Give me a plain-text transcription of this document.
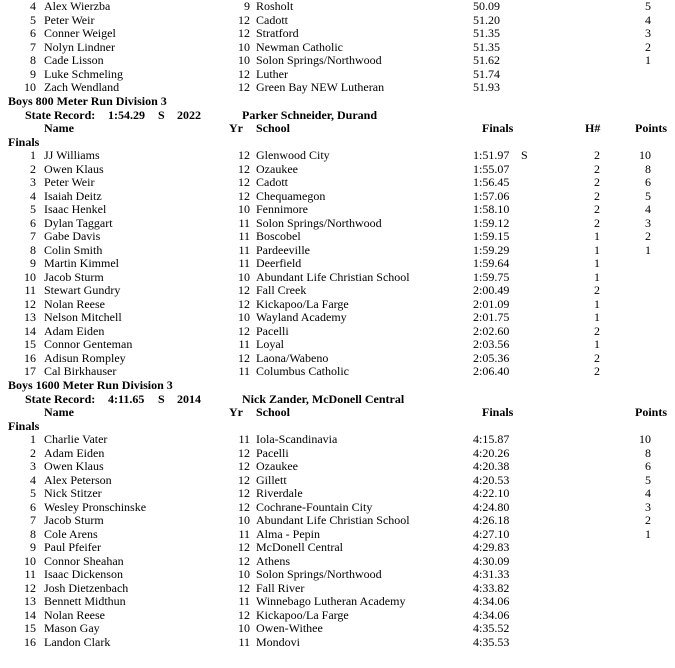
4 Alex Wierzba	9 Rosholt	50.09	5
5 Peter Weir	12 Cadott	51.20	4
6 Conner Weigel	12 Stratford	51.35	3
7 Nolyn Lindner	10 Newman Catholic	51.35	2
8 Cade Lisson	10 Solon Springs/Northwood	51.62	1
9 Luke Schmeling	12 Luther	51.74
10 Zach Wendland	12 Green Bay NEW Lutheran	51.93
Boys 800 Meter Run Division 3
State Record: 1:54.29 S 2022	Parker Schneider, Durand
Name	Yr School	Finals	H#	Points
Finals
1 JJ Williams	12 Glenwood City	1:51.97 S	2	10
2 Owen Klaus	12 Ozaukee	1:55.07	2	8
3 Peter Weir	12 Cadott	1:56.45	2	6
4 Isaiah Deitz	12 Chequamegon	1:57.06	2	5
5 Isaac Henkel	10 Fennimore	1:58.10	2	4
6 Dylan Taggart	11 Solon Springs/Northwood	1:59.12	2	3
7 Gabe Davis	11 Boscobel	1:59.15	1	2
8 Colin Smith	11 Pardeeville	1:59.29	1	1
9 Martin Kimmel	11 Deerfield	1:59.64	1
10 Jacob Sturm	10 Abundant Life Christian School	1:59.75	1
11 Stewart Gundry	12 Fall Creek	2:00.49	2
12 Nolan Reese	12 Kickapoo/La Farge	2:01.09	1
13 Nelson Mitchell	10 Wayland Academy	2:01.75	1
14 Adam Eiden	12 Pacelli	2:02.60	2
15 Connor Genteman	11 Loyal	2:03.56	1
16 Adisun Rompley	12 Laona/Wabeno	2:05.36	2
17 Cal Birkhauser	11 Columbus Catholic	2:06.40	2
Boys 1600 Meter Run Division 3
State Record: 4:11.65 S 2014	Nick Zander, McDonell Central
Name	Yr School	Finals	Points
Finals
1 Charlie Vater	11 Iola-Scandinavia	4:15.87	10
2 Adam Eiden	12 Pacelli	4:20.26	8
3 Owen Klaus	12 Ozaukee	4:20.38	6
4 Alex Peterson	12 Gillett	4:20.53	5
5 Nick Stitzer	12 Riverdale	4:22.10	4
6 Wesley Pronschinske	12 Cochrane-Fountain City	4:24.80	3
7 Jacob Sturm	10 Abundant Life Christian School	4:26.18	2
8 Cole Arens	11 Alma - Pepin	4:27.10	1
9 Paul Pfeifer	12 McDonell Central	4:29.83
10 Connor Sheahan	12 Athens	4:30.09
11 Isaac Dickenson	10 Solon Springs/Northwood	4:31.33
12 Josh Dietzenbach	12 Fall River	4:33.82
13 Bennett Midthun	11 Winnebago Lutheran Academy	4:34.06
14 Nolan Reese	12 Kickapoo/La Farge	4:34.06
15 Mason Gay	10 Owen-Withee	4:35.52
16 Landon Clark	11 Mondovi	4:35.53
